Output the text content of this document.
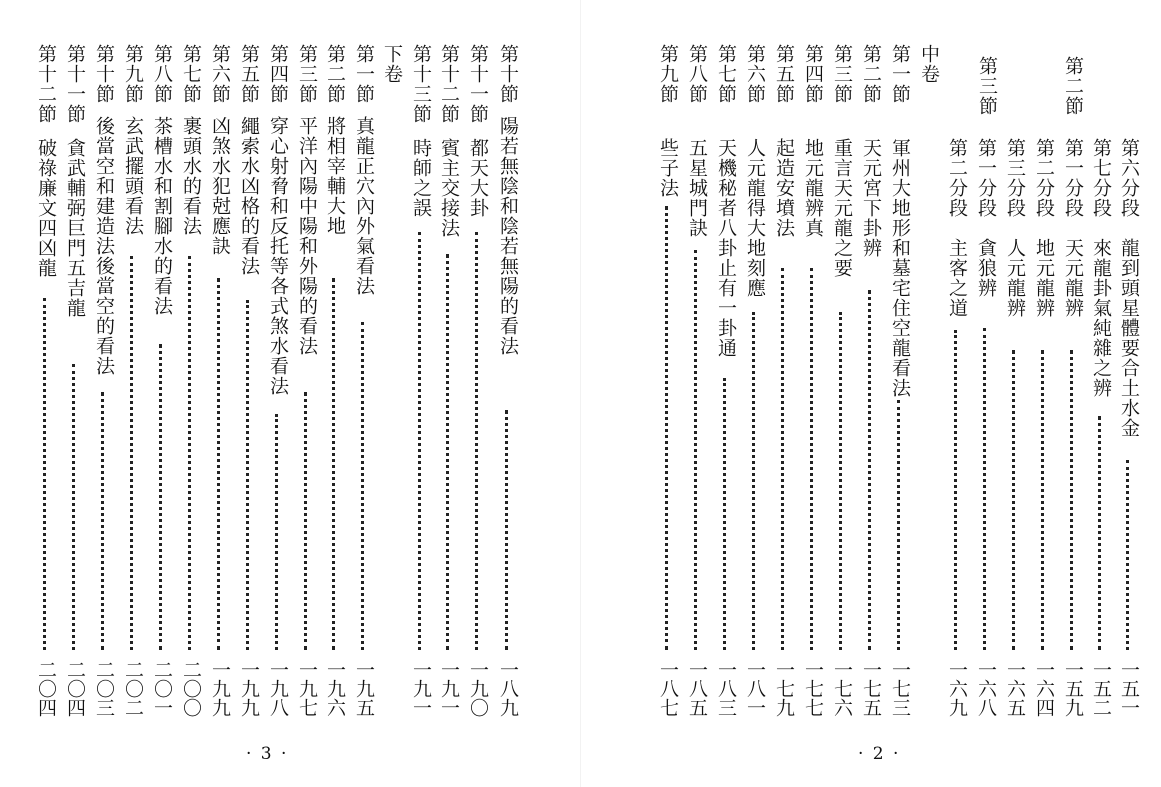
第十節
陽若無陰和陰若無陽的看法
一八九
第十一節
都天大卦
一九〇
第十二節
賓主交接法
一九一
第十三節
時師之誤
一九一
下卷
第一節
真龍正穴內外氣看法
一九五
第二節
將相宰輔大地
一九六
第三節
平洋內陽中陽和外陽的看法
一九七
第四節
穿心射脅和反托等各式煞水看法
一九八
第五節
繩索水凶格的看法
一九九
第六節
凶煞水犯尅應訣
一九九
第七節
裹頭水的看法
二〇〇
第八節
茶槽水和割腳水的看法
二〇一
第九節
玄武擺頭看法
二〇二
第十節
後當空和建造法後當空的看法
二〇三
第十一節
貪武輔弼巨門五吉龍
二〇四
第十二節
破祿廉文四凶龍
二〇四
· 3 ·
第六分段　龍到頭星體要合土水金
一五一
第二節
第七分段　來龍卦氣純雜之辨
一五二
第一分段　天元龍辨
一五九
第二分段　地元龍辨
一六四
第三分段　人元龍辨
一六五
第三節
第一分段　貪狼辨
一六八
第二分段　主客之道
一六九
中卷
第一節
軍州大地形和墓宅住空龍看法
一七三
第二節
天元宮下卦辨
一七五
第三節
重言天元龍之要
一七六
第四節
地元龍辨真
一七七
第五節
起造安墳法
一七九
第六節
人元龍得大地刻應
一八一
第七節
天機秘者八卦止有一卦通
一八三
第八節
五星城門訣
一八五
第九節
些子法
一八七
· 2 ·
